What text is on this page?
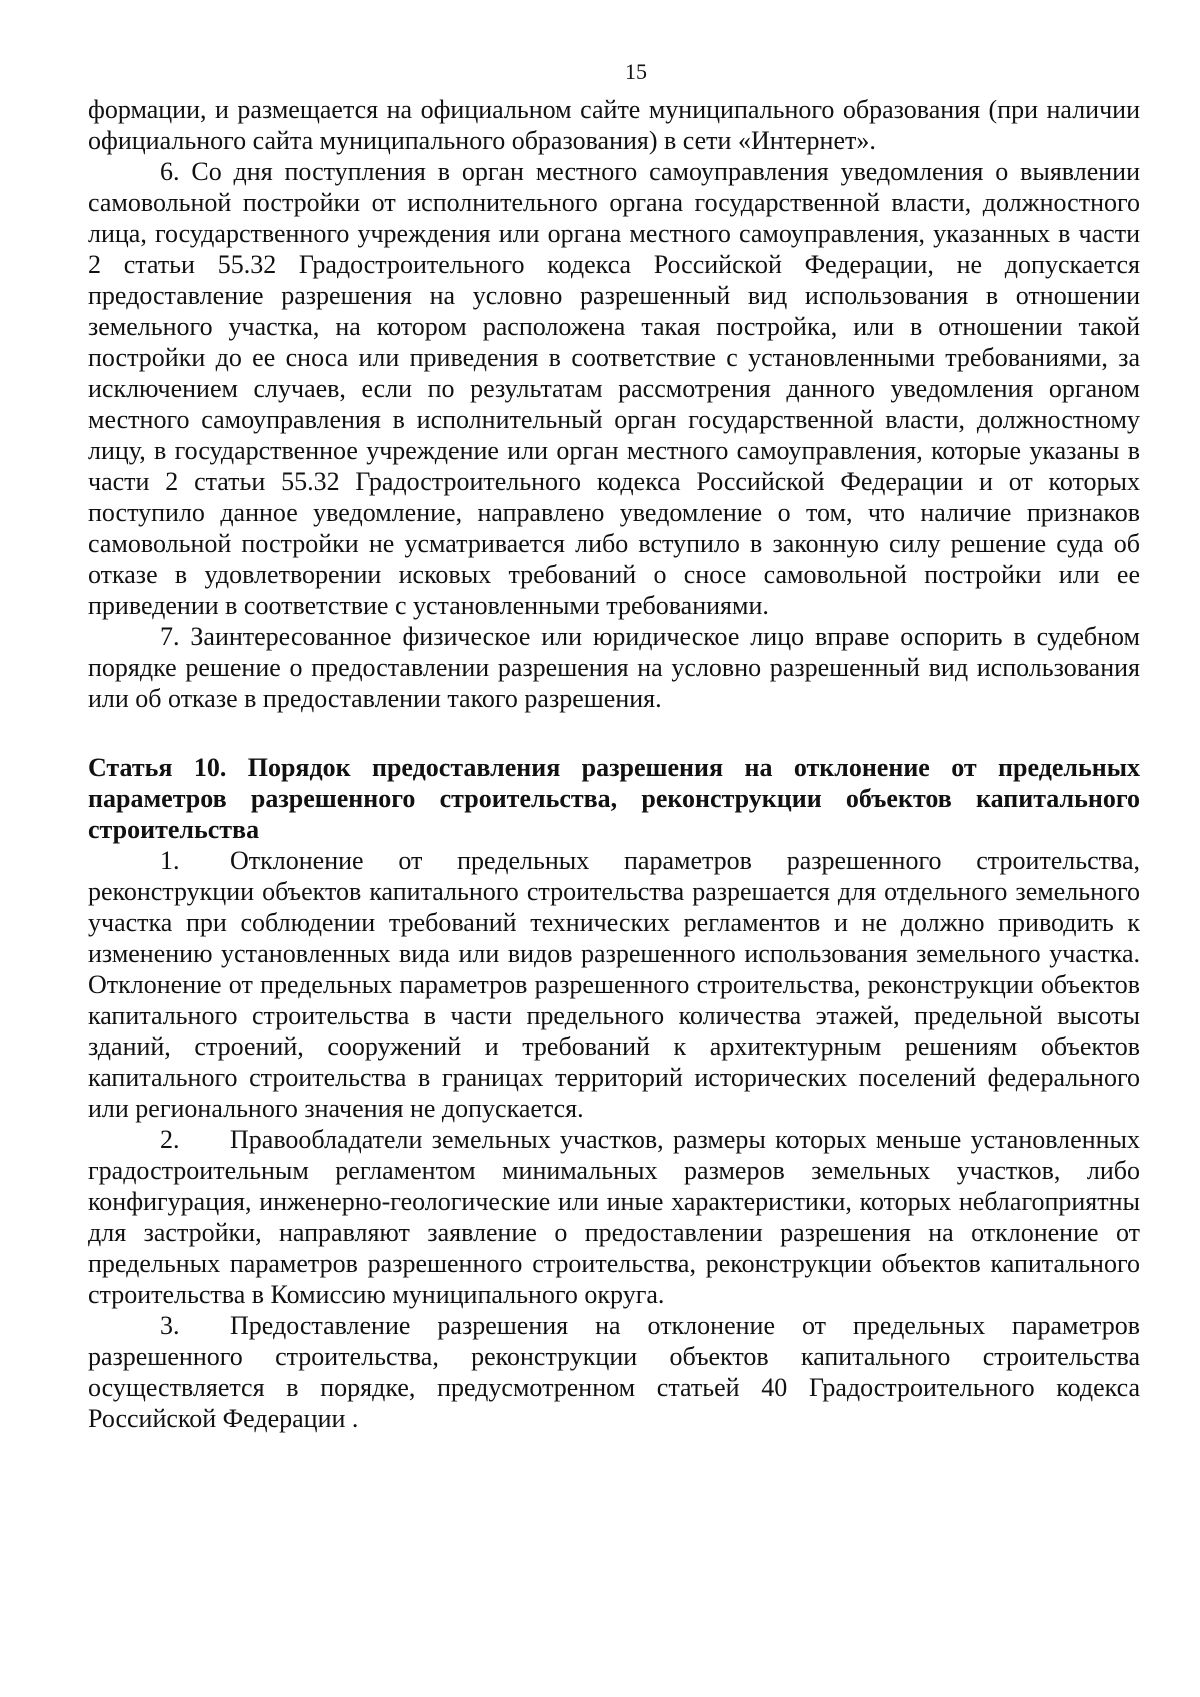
15

формации, и размещается на официальном сайте муниципального образования (при наличии официального сайта муниципального образования) в сети «Интернет».

6. Со дня поступления в орган местного самоуправления уведомления о выявлении самовольной постройки от исполнительного органа государственной власти, должностного лица, государственного учреждения или органа местного самоуправления, указанных в части 2 статьи 55.32 Градостроительного кодекса Российской Федерации, не допускается предоставление разрешения на условно разрешенный вид использования в отношении земельного участка, на котором расположена такая постройка, или в отношении такой постройки до ее сноса или приведения в соответствие с установленными требованиями, за исключением случаев, если по результатам рассмотрения данного уведомления органом местного самоуправления в исполнительный орган государственной власти, должностному лицу, в государственное учреждение или орган местного самоуправления, которые указаны в части 2 статьи 55.32 Градостроительного кодекса Российской Федерации и от которых поступило данное уведомление, направлено уведомление о том, что наличие признаков самовольной постройки не усматривается либо вступило в законную силу решение суда об отказе в удовлетворении исковых требований о сносе самовольной постройки или ее приведении в соответствие с установленными требованиями.

7. Заинтересованное физическое или юридическое лицо вправе оспорить в судебном порядке решение о предоставлении разрешения на условно разрешенный вид использования или об отказе в предоставлении такого разрешения.

Статья 10. Порядок предоставления разрешения на отклонение от предельных параметров разрешенного строительства, реконструкции объектов капитального строительства

1. Отклонение от предельных параметров разрешенного строительства, реконструкции объектов капитального строительства разрешается для отдельного земельного участка при соблюдении требований технических регламентов и не должно приводить к изменению установленных вида или видов разрешенного использования земельного участка. Отклонение от предельных параметров разрешенного строительства, реконструкции объектов капитального строительства в части предельного количества этажей, предельной высоты зданий, строений, сооружений и требований к архитектурным решениям объектов капитального строительства в границах территорий исторических поселений федерального или регионального значения не допускается.

2. Правообладатели земельных участков, размеры которых меньше установленных градостроительным регламентом минимальных размеров земельных участков, либо конфигурация, инженерно-геологические или иные характеристики, которых неблагоприятны для застройки, направляют заявление о предоставлении разрешения на отклонение от предельных параметров разрешенного строительства, реконструкции объектов капитального строительства в Комиссию муниципального округа.

3. Предоставление разрешения на отклонение от предельных параметров разрешенного строительства, реконструкции объектов капитального строительства осуществляется в порядке, предусмотренном статьей 40 Градостроительного кодекса Российской Федерации .
